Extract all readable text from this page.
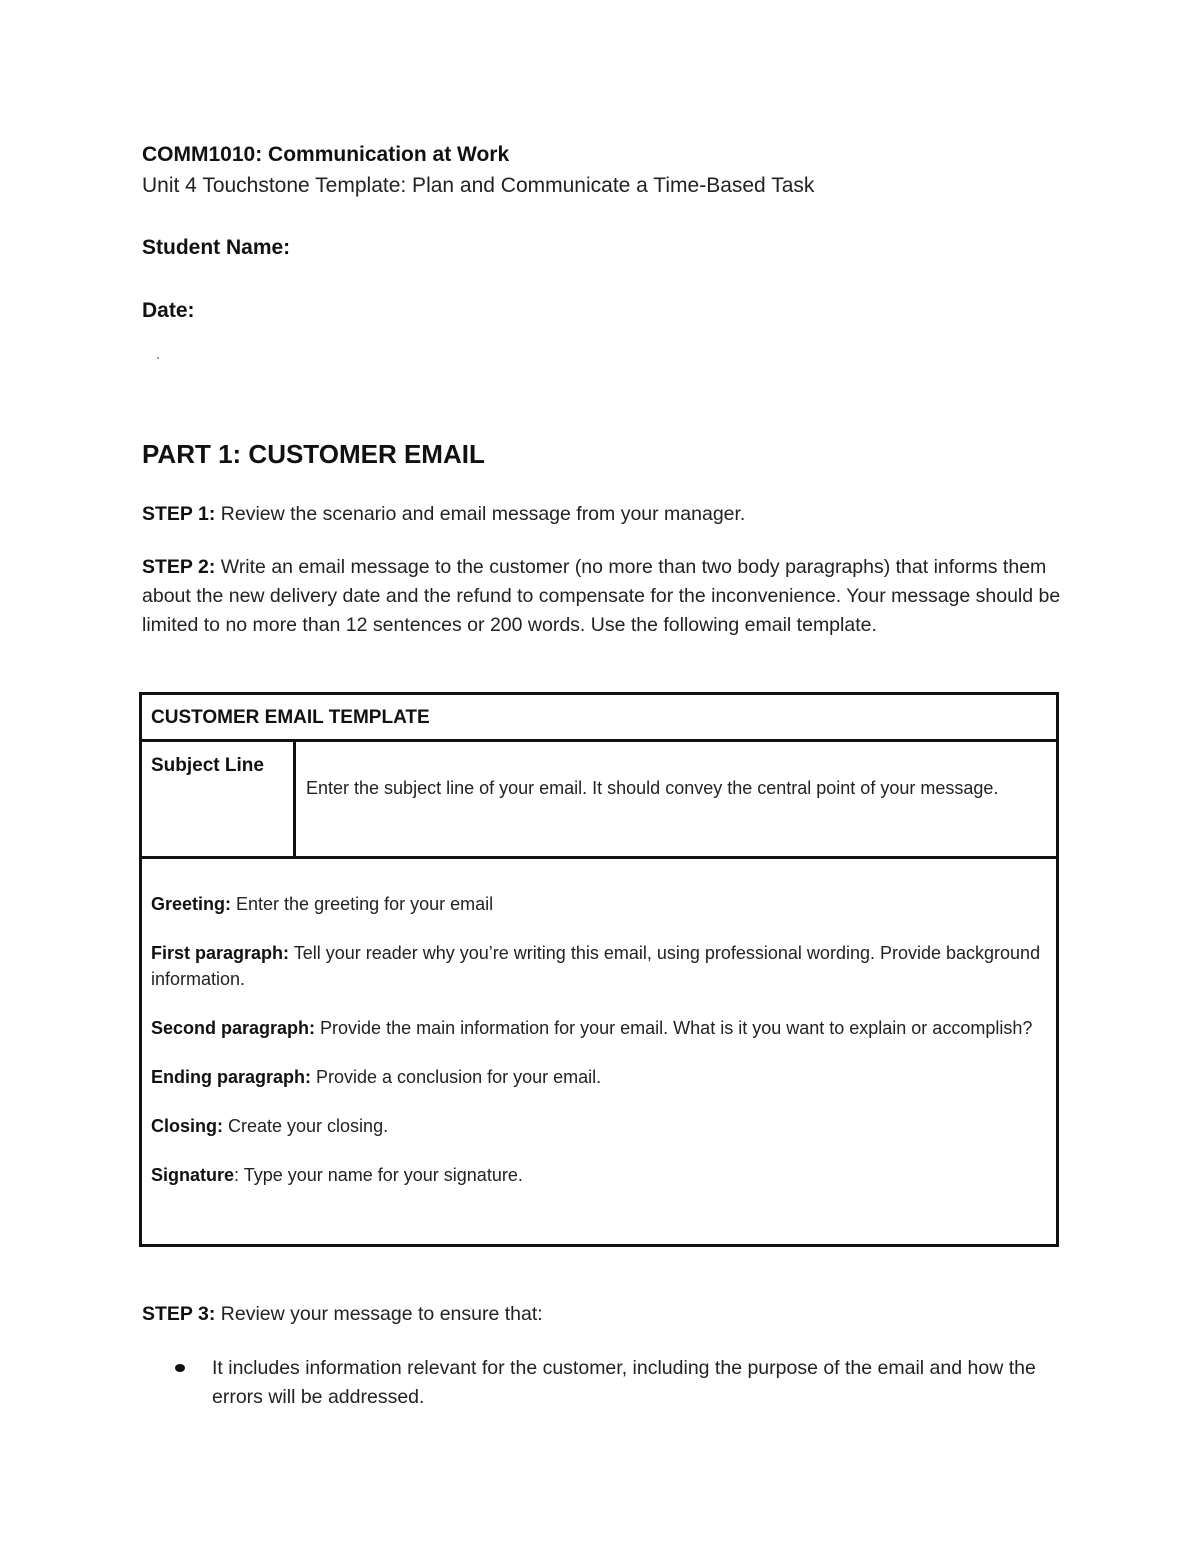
COMM1010: Communication at Work
Unit 4 Touchstone Template: Plan and Communicate a Time-Based Task
Student Name:
Date:
PART 1: CUSTOMER EMAIL
STEP 1: Review the scenario and email message from your manager.
STEP 2: Write an email message to the customer (no more than two body paragraphs) that informs them about the new delivery date and the refund to compensate for the inconvenience. Your message should be limited to no more than 12 sentences or 200 words. Use the following email template.
CUSTOMER EMAIL TEMPLATE
Subject Line
Enter the subject line of your email. It should convey the central point of your message.

Greeting: Enter the greeting for your email

First paragraph: Tell your reader why you’re writing this email, using professional wording. Provide background information.

Second paragraph: Provide the main information for your email. What is it you want to explain or accomplish?

Ending paragraph: Provide a conclusion for your email.

Closing: Create your closing.

Signature: Type your name for your signature.

STEP 3: Review your message to ensure that:
It includes information relevant for the customer, including the purpose of the email and how the errors will be addressed.
